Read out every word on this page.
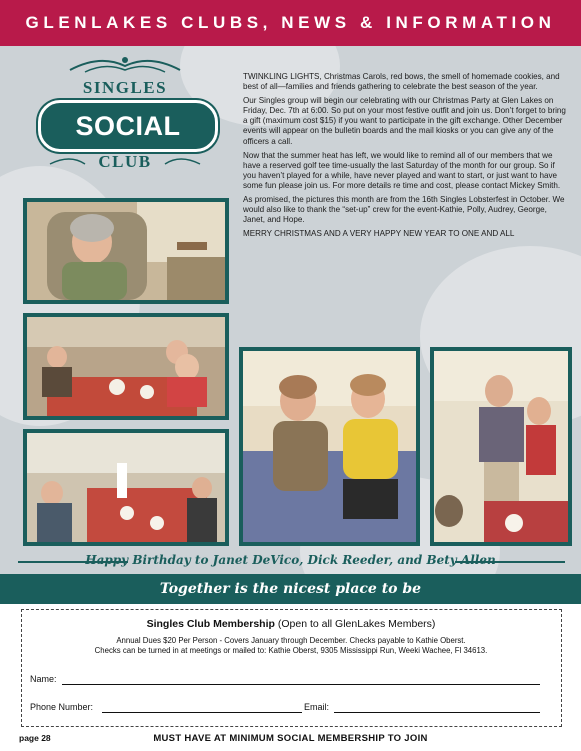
GLENLAKES CLUBS, NEWS & INFORMATION
SINGLES
SOCIAL
CLUB

TWINKLING LIGHTS, Christmas Carols, red bows, the smell of homemade cookies, and best of all—families and friends gathering to celebrate the best season of the year.

Our Singles group will begin our celebrating with our Christmas Party at Glen Lakes on Friday, Dec. 7th at 6:00. So put on your most festive outfit and join us. Don’t forget to bring a gift (maximum cost $15) if you want to participate in the gift exchange. Other December events will appear on the bulletin boards and the mail kiosks or you can give any of the officers a call.

Now that the summer heat has left, we would like to remind all of our members that we have a reserved golf tee time-usually the last Saturday of the month for our group. So if you haven’t played for a while, have never played and want to start, or just want to have some fun please join us. For more details re time and cost, please contact Mickey Smith.

As promised, the pictures this month are from the 16th Singles Lobsterfest in October. We would also like to thank the “set-up” crew for the event-Kathie, Polly, Audrey, George, Janet, and Hope.

MERRY CHRISTMAS AND A VERY HAPPY NEW YEAR TO ONE AND ALL

Happy Birthday to Janet DeVico, Dick Reeder, and Bety Allen
Together is the nicest place to be
Singles Club Membership (Open to all GlenLakes Members)
Annual Dues $20 Per Person - Covers January through December. Checks payable to Kathie Oberst.
Checks can be turned in at meetings or mailed to: Kathie Oberst, 9305 Mississippi Run, Weeki Wachee, Fl 34613.
Name:
Phone Number:	Email:
page 28	MUST HAVE AT MINIMUM SOCIAL MEMBERSHIP TO JOIN
